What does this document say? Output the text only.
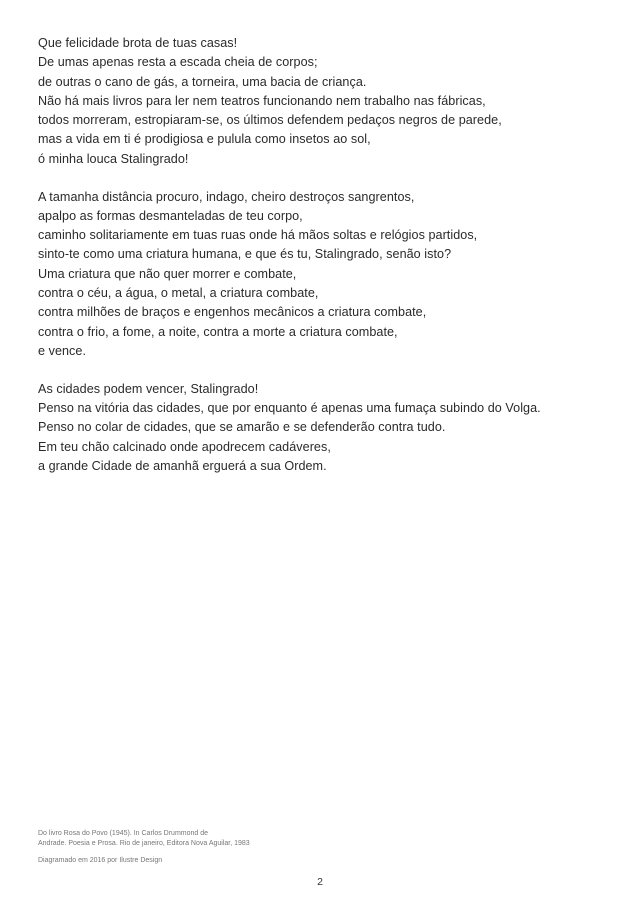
Que felicidade brota de tuas casas!
De umas apenas resta a escada cheia de corpos;
de outras o cano de gás, a torneira, uma bacia de criança.
Não há mais livros para ler nem teatros funcionando nem trabalho nas fábricas,
todos morreram, estropiaram-se, os últimos defendem pedaços negros de parede,
mas a vida em ti é prodigiosa e pulula como insetos ao sol,
ó minha louca Stalingrado!
A tamanha distância procuro, indago, cheiro destroços sangrentos,
apalpo as formas desmanteladas de teu corpo,
caminho solitariamente em tuas ruas onde há mãos soltas e relógios partidos,
sinto-te como uma criatura humana, e que és tu, Stalingrado, senão isto?
Uma criatura que não quer morrer e combate,
contra o céu, a água, o metal, a criatura combate,
contra milhões de braços e engenhos mecânicos a criatura combate,
contra o frio, a fome, a noite, contra a morte a criatura combate,
e vence.
As cidades podem vencer, Stalingrado!
Penso na vitória das cidades, que por enquanto é apenas uma fumaça subindo do Volga.
Penso no colar de cidades, que se amarão e se defenderão contra tudo.
Em teu chão calcinado onde apodrecem cadáveres,
a grande Cidade de amanhã erguerá a sua Ordem.
Do livro Rosa do Povo (1945). In Carlos Drummond de
Andrade. Poesia e Prosa. Rio de janeiro, Editora Nova Aguilar, 1983
Diagramado em 2016 por Ilustre Design
2
